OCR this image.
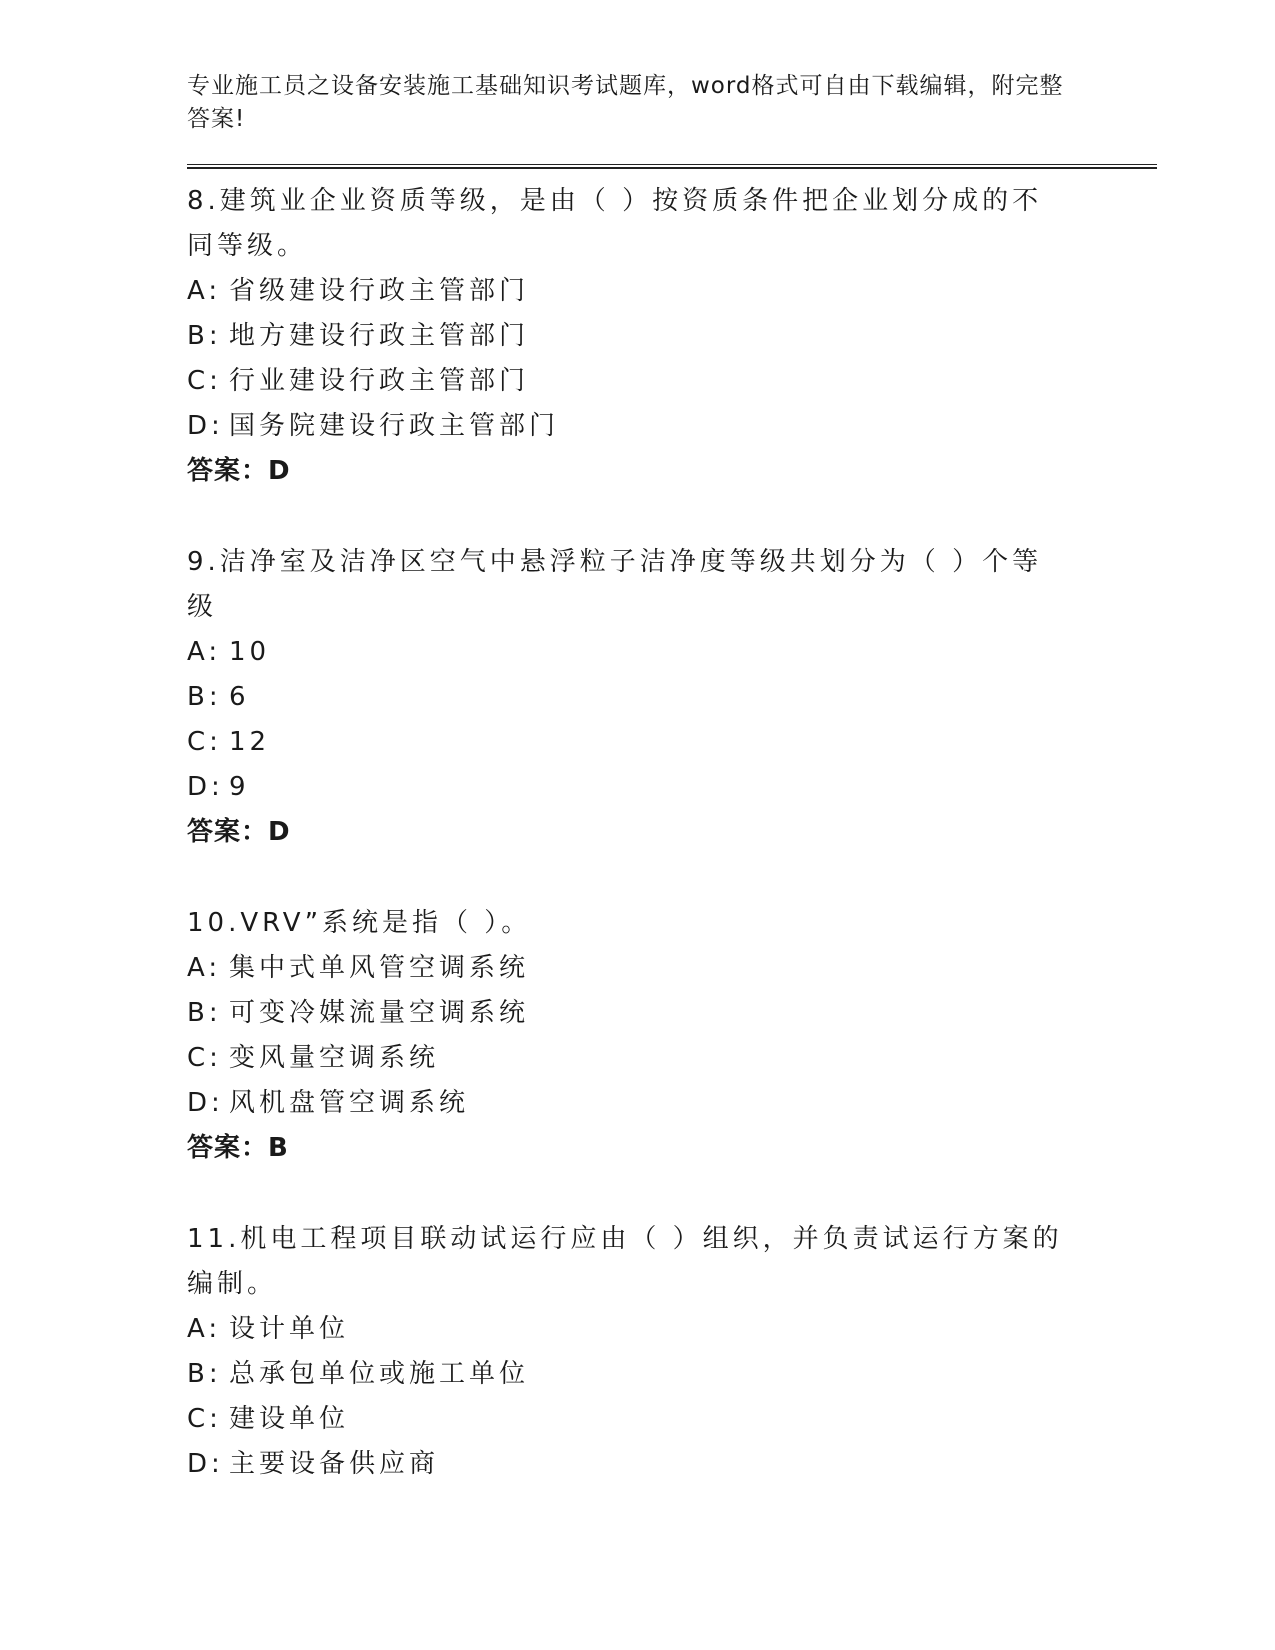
专业施工员之设备安装施工基础知识考试题库，word格式可自由下载编辑，附完整答案!
8.建筑业企业资质等级，是由（ ）按资质条件把企业划分成的不同等级。
A: 省级建设行政主管部门
B: 地方建设行政主管部门
C: 行业建设行政主管部门
D: 国务院建设行政主管部门
答案：D
9.洁净室及洁净区空气中悬浮粒子洁净度等级共划分为（ ）个等级
A: 10
B: 6
C: 12
D: 9
答案：D
10.VRV”系统是指（ ）。
A: 集中式单风管空调系统
B: 可变冷媒流量空调系统
C: 变风量空调系统
D: 风机盘管空调系统
答案：B
11.机电工程项目联动试运行应由（ ）组织，并负责试运行方案的编制。
A: 设计单位
B: 总承包单位或施工单位
C: 建设单位
D: 主要设备供应商
